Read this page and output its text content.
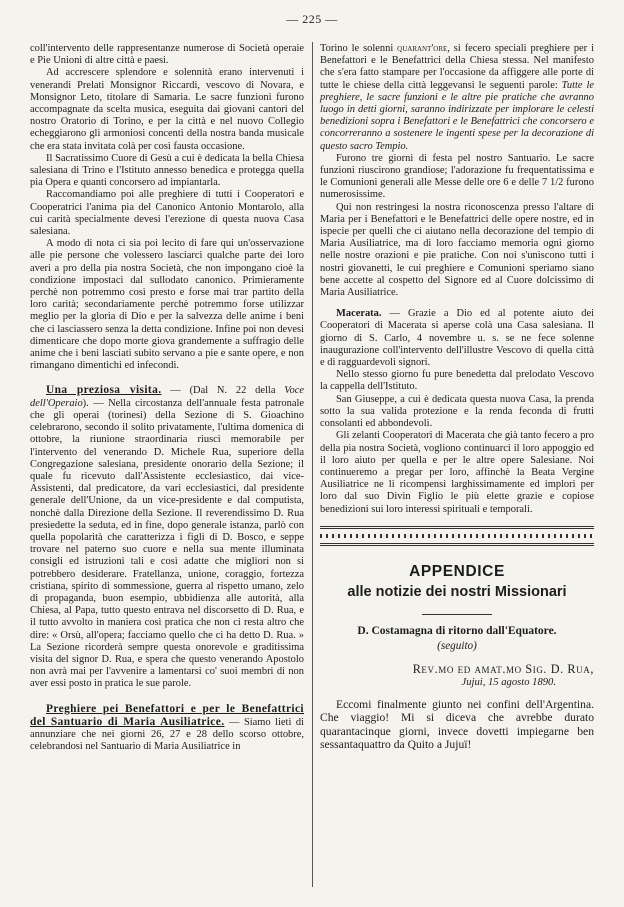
— 225 —

coll'intervento delle rappresentanze numerose di Società operaie e Pie Unioni di altre città e paesi.

Ad accrescere splendore e solennità erano intervenuti i venerandi Prelati Monsignor Riccardi, vescovo di Novara, e Monsignor Leto, titolare di Samaria. Le sacre funzioni furono accompagnate da scelta musica, eseguita dai giovani cantori del nostro Oratorio di Torino, e per la città e nel nuovo Collegio echeggiarono gli armoniosi concenti della nostra banda musicale che era stata invitata colà per così fausta occasione.

Il Sacratissimo Cuore di Gesù a cui è dedicata la bella Chiesa salesiana di Trino e l'Istituto annesso benedica e protegga quella pia Opera e quanti concorsero ad impiantarla.

Raccomandiamo poi alle preghiere di tutti i Cooperatori e Cooperatrici l'anima pia del Canonico Antonio Montarolo, alla cui carità specialmente devesi l'erezione di questa nuova Casa salesiana.

A modo di nota ci sia poi lecito di fare qui un'osservazione alle pie persone che volessero lasciarci qualche parte dei loro averi a pro della pia nostra Società, che non impongano cioè la condizione impostaci dal sullodato canonico. Primieramente perchè non potremmo così presto e forse mai trar partito della loro carità; secondariamente perchè potremmo forse utilizzar meglio per la gloria di Dio e per la salvezza delle anime i beni che ci lasciassero senza la detta condizione. Infine poi non devesi dimenticare che dopo morte giova grandemente a suffragio delle anime che i beni lasciati subito servano a pie e sante opere, e non rimangano dimentichi ed infecondi.

Una preziosa visita. — (Dal N. 22 della Voce dell'Operaio). — Nella circostanza dell'annuale festa patronale che gli operai (torinesi) della Sezione di S. Gioachino celebrarono, secondo il solito privatamente, l'ultima domenica di ottobre, la riunione straordinaria riuscì memorabile per l'intervento del venerando D. Michele Rua, superiore della Congregazione salesiana, presidente onorario della Sezione; il quale fu ricevuto dall'Assistente ecclesiastico, dai vice-Assistenti, dal predicatore, da vari ecclesiastici, dal presidente generale dell'Unione, da un vice-presidente e dal computista, nonchè dalla Direzione della Sezione. Il reverendissimo D. Rua presiedette la seduta, ed in fine, dopo generale istanza, parlò con quella popolarità che caratterizza i figli di D. Bosco, e seppe trovare nel paterno suo cuore e nella sua mente illuminata consigli ed istruzioni tali e così adatte che migliori non si potrebbero desiderare. Fratellanza, unione, coraggio, fortezza cristiana, spirito di sommessione, guerra al rispetto umano, zelo di propaganda, buon esempio, ubbidienza alle autorità, alla Chiesa, al Papa, tutto questo entrava nel discorsetto di D. Rua, e il tutto avvolto in maniera così pratica che non ci resta altro che dire: « Orsù, all'opera; facciamo quello che ci ha detto D. Rua. » La Sezione ricorderà sempre questa onorevole e graditissima visita del signor D. Rua, e spera che questo venerando Apostolo non avrà mai per l'avvenire a lamentarsi co' suoi membri di non aver essi posto in pratica le sue parole.

Preghiere pei Benefattori e per le Benefattrici del Santuario di Maria Ausiliatrice. — Siamo lieti di annunziare che nei giorni 26, 27 e 28 dello scorso ottobre, celebrandosi nel Santuario di Maria Ausiliatrice in

Torino le solenni quarant'ore, si fecero speciali preghiere per i Benefattori e le Benefattrici della Chiesa stessa. Nel manifesto che s'era fatto stampare per l'occasione da affiggere alle porte di tutte le chiese della città leggevansi le seguenti parole: Tutte le preghiere, le sacre funzioni e le altre pie pratiche che avranno luogo in detti giorni, saranno indirizzate per implorare le celesti benedizioni sopra i Benefattori e le Benefattrici che concorsero e concorreranno a sostenere le ingenti spese per la decorazione di questo sacro Tempio.

Furono tre giorni di festa pel nostro Santuario. Le sacre funzioni riuscirono grandiose; l'adorazione fu frequentatissima e le Comunioni generali alle Messe delle ore 6 e delle 7 1/2 furono numerosissime.

Qui non restringesi la nostra riconoscenza presso l'altare di Maria per i Benefattori e le Benefattrici delle opere nostre, ed in ispecie per quelli che ci aiutano nella decorazione del tempio di Maria Ausiliatrice, ma di loro facciamo memoria ogni giorno nelle nostre orazioni e pie pratiche. Con noi s'uniscono tutti i nostri giovanetti, le cui preghiere e Comunioni speriamo siano bene accette al cospetto del Signore ed al Cuore dolcissimo di Maria Ausiliatrice.

Macerata. — Grazie a Dio ed al potente aiuto dei Cooperatori di Macerata si aperse colà una Casa salesiana. Il giorno di S. Carlo, 4 novembre u. s. se ne fece solenne inaugurazione coll'intervento dell'illustre Vescovo di quella città e di ragguardevoli signori.

Nello stesso giorno fu pure benedetta dal prelodato Vescovo la cappella dell'Istituto.

San Giuseppe, a cui è dedicata questa nuova Casa, la prenda sotto la sua valida protezione e la renda feconda di frutti consolanti ed abbondevoli.

Gli zelanti Cooperatori di Macerata che già tanto fecero a pro della pia nostra Società, vogliono continuarci il loro appoggio ed il loro aiuto per quella e per le altre opere Salesiane. Noi continueremo a pregar per loro, affinchè la Beata Vergine Ausiliatrice ne li ricompensi larghissimamente ed implori per loro dal suo Divin Figlio le più elette grazie e copiose benedizioni sui loro interessi spirituali e temporali.

APPENDICE
alle notizie dei nostri Missionari
D. Costamagna di ritorno dall'Equatore.
(seguito)
Rev.mo ed amat.mo Sig. D. Rua,
Jujui, 15 agosto 1890.

Eccomi finalmente giunto nei confini dell'Argentina. Che viaggio! Mi si diceva che avrebbe durato quarantacinque giorni, invece dovetti impiegarne ben sessantaquattro da Quito a Jujuï!
